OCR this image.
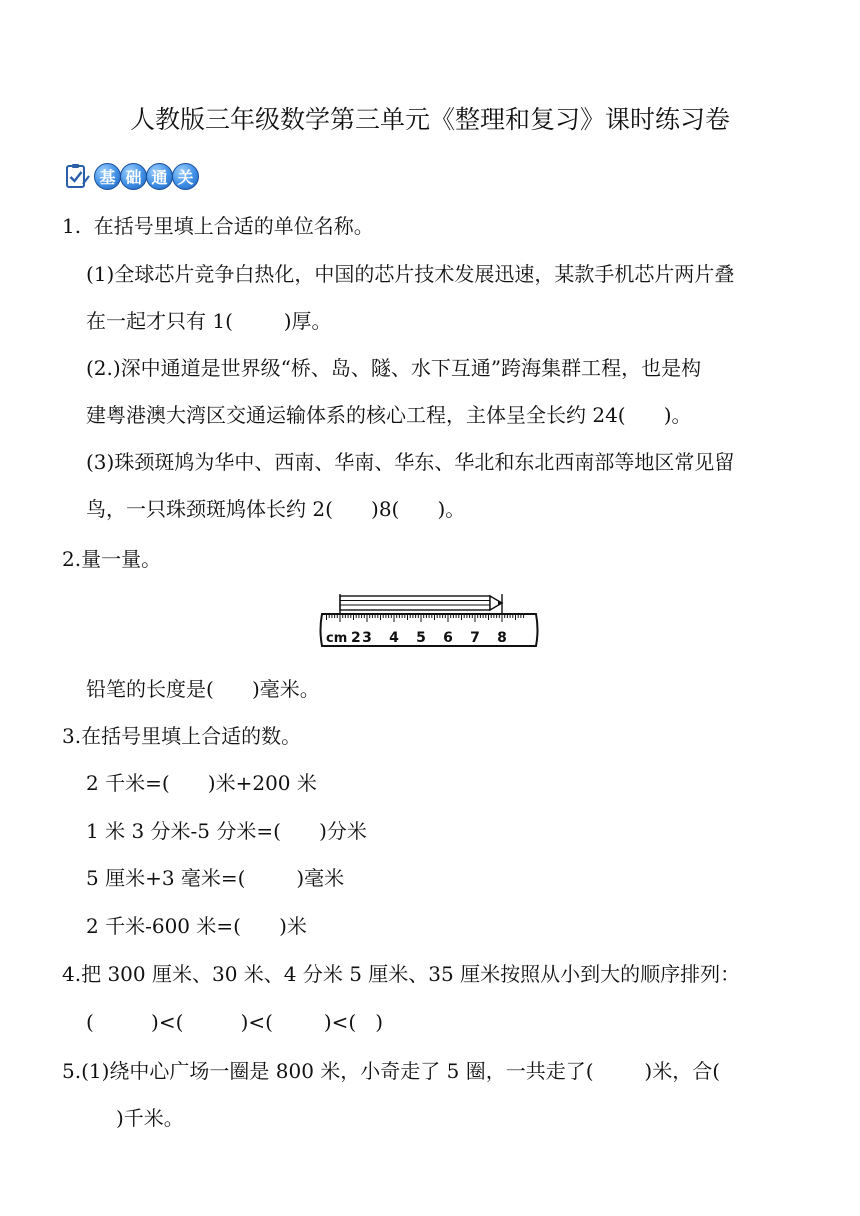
人教版三年级数学第三单元《整理和复习》课时练习卷
基 础 通 关
1.  在括号里填上合适的单位名称。
(1)全球芯片竞争白热化，中国的芯片技术发展迅速，某款手机芯片两片叠
在一起才只有 1(        )厚。
(2.)深中通道是世界级“桥、岛、隧、水下互通”跨海集群工程，也是构
建粤港澳大湾区交通运输体系的核心工程，主体呈全长约 24(      )。
(3)珠颈斑鸠为华中、西南、华南、华东、华北和东北西南部等地区常见留
鸟，一只珠颈斑鸠体长约 2(      )8(      )。
2.量一量。
cm 3 4 5 6 7 8
2
铅笔的长度是(      )毫米。
3.在括号里填上合适的数。
2 千米=(      )米+200 米
1 米 3 分米-5 分米=(      )分米
5 厘米+3 毫米=(        )毫米
2 千米-600 米=(      )米
4.把 300 厘米、30 米、4 分米 5 厘米、35 厘米按照从小到大的顺序排列：
(         )<(         )<(        )<(   )
5.(1)绕中心广场一圈是 800 米，小奇走了 5 圈，一共走了(        )米，合(
)千米。
